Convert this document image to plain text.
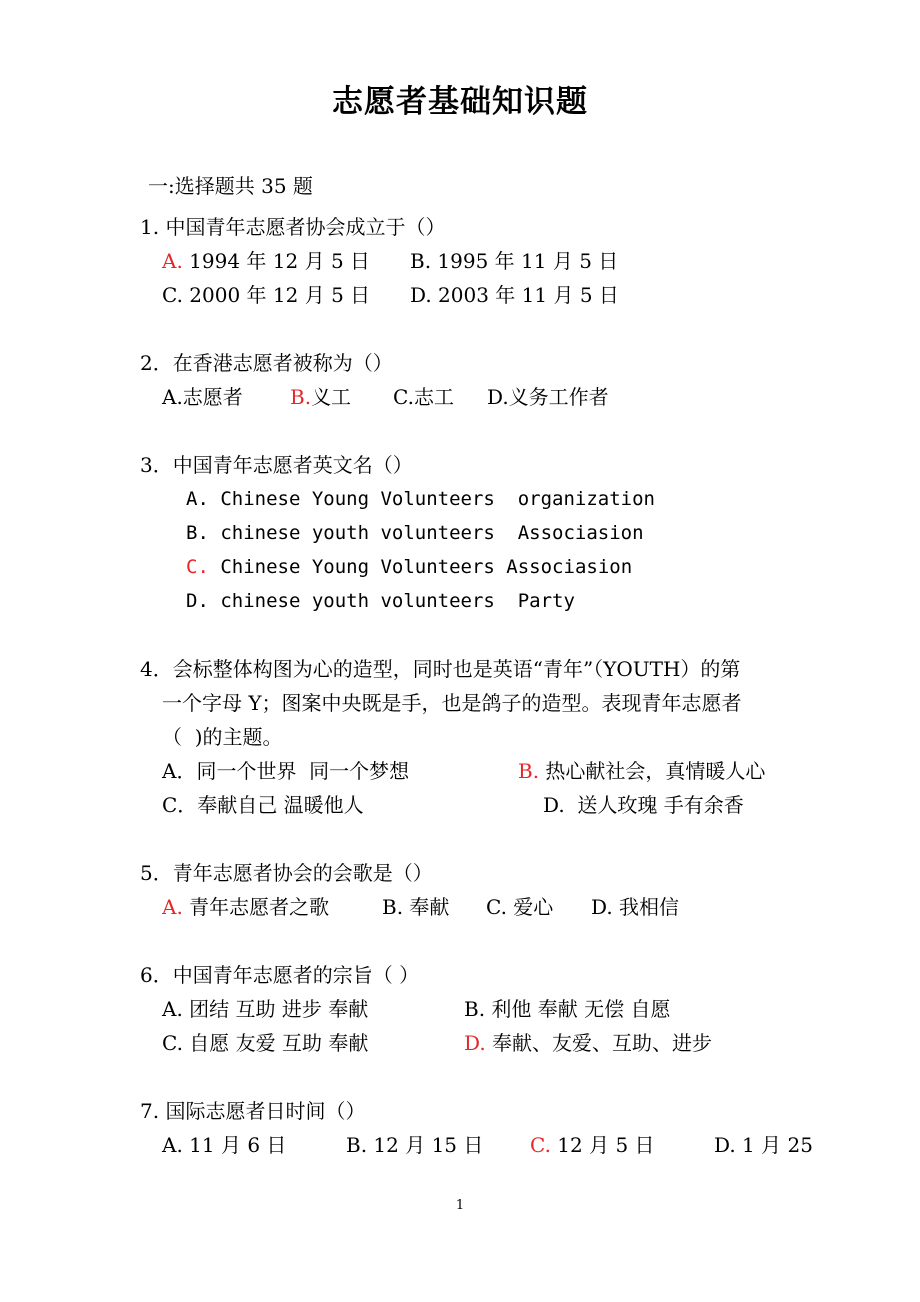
志愿者基础知识题
一:选择题共 35 题
1. 中国青年志愿者协会成立于（）
A. 1994 年 12 月 5 日 B. 1995 年 11 月 5 日
C. 2000 年 12 月 5 日 D. 2003 年 11 月 5 日
2．在香港志愿者被称为（）
A.志愿者 B.义工 C.志工 D.义务工作者
3．中国青年志愿者英文名（）
A. Chinese Young Volunteers  organization
B. chinese youth volunteers  Associasion
C. Chinese Young Volunteers Associasion
D. chinese youth volunteers  Party
4．会标整体构图为心的造型，同时也是英语“青年”（YOUTH）的第
一个字母 Y；图案中央既是手，也是鸽子的造型。表现青年志愿者
（  )的主题。
A．同一个世界  同一个梦想	B. 热心献社会，真情暖人心
C．奉献自己 温暖他人	D.  送人玫瑰 手有余香
5．青年志愿者协会的会歌是（）
A. 青年志愿者之歌	B. 奉献 C. 爱心 D. 我相信
6．中国青年志愿者的宗旨（ ）
A. 团结 互助 进步 奉献	B. 利他 奉献 无偿 自愿
C. 自愿 友爱 互助 奉献	D. 奉献、友爱、互助、进步
7. 国际志愿者日时间（）
A. 11 月 6 日	B. 12 月 15 日 C. 12 月 5 日	D. 1 月 25
1
